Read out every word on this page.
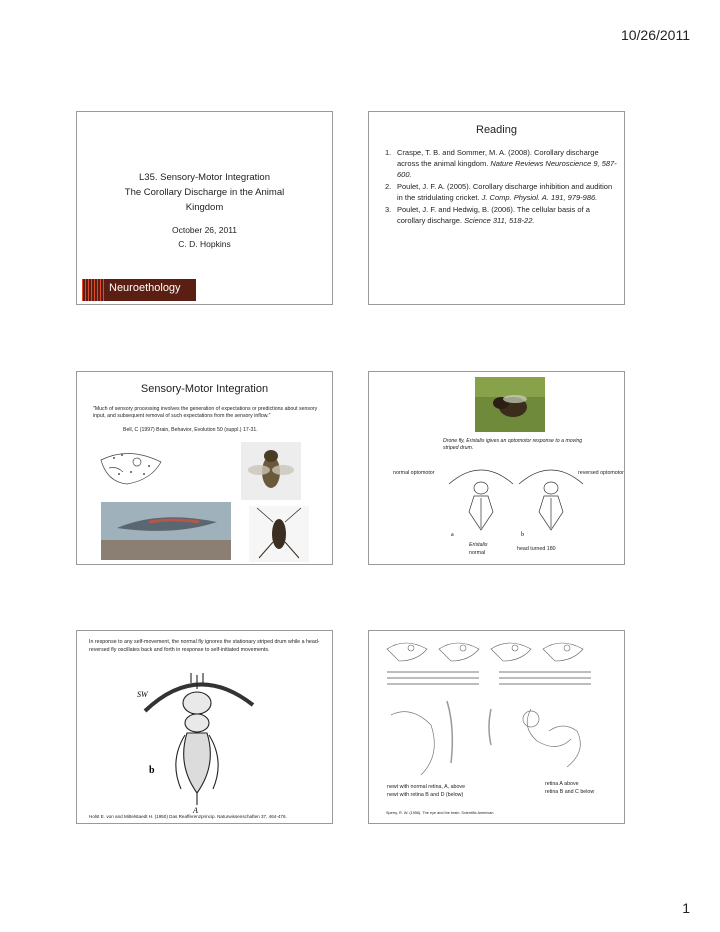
10/26/2011
L35. Sensory-Motor Integration
The Corollary Discharge in the Animal
Kingdom
October 26, 2011
C. D. Hopkins
Neuroethology
Reading
1. Craspe, T. B. and Sommer, M. A. (2008). Corollary discharge across the animal kingdom. Nature Reviews Neuroscience 9, 587-600.
2. Poulet, J. F. A. (2005). Corollary discharge inhibition and audition in the stridulating cricket. J. Comp. Physiol. A. 191, 979-986.
3. Poulet, J. F. and Hedwig, B. (2006). The cellular basis of a corollary discharge. Science 311, 518-22.
Sensory-Motor Integration
"Much of sensory processing involves the generation of expectations or predictions about sensory input, and subsequent removal of such expectations from the sensory inflow."
Bell, C (1997) Brain, Behavior, Evolution 50 (suppl.) 17-31.
Drone fly, Eristalis igives an optomotor response to a moving striped drum.
normal optomotor	reversed optomotor
a	b
Eristalis
normal
head turned 180
In response to any self-movement, the normal fly ignores the stationary striped drum while a head-reversed fly oscillates back and forth in response to self-initiated movements.
SW
b
A
Holst E. von and Mittelstaedt H. (1950) Das Reafferenzprincip. Naturwissenschaften 37, 464-476.
newt with normal retina, A, above
newt with retina B and D (below)
retina A above
retina B and C below
Sperry, R. W. (1956). The eye and the brain. Scientific American
1
